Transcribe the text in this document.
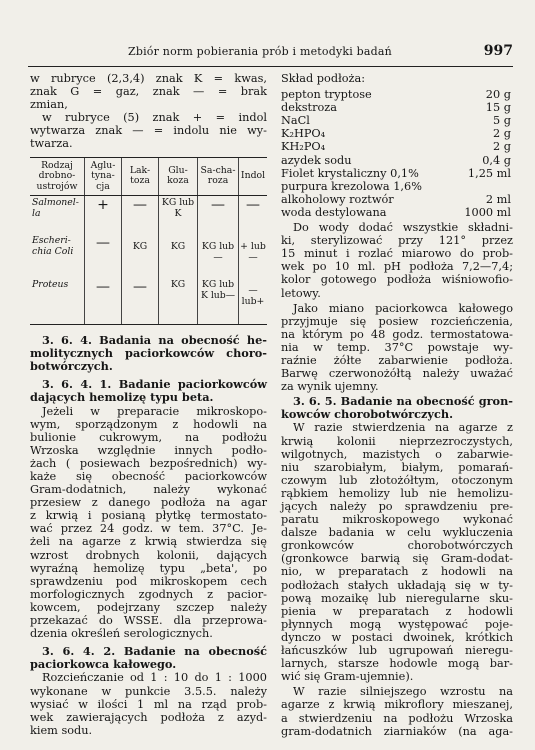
Zbiór norm pobierania prób i metodyki badań	997
w rubryce (2,3,4) znak K = kwas,
znak G = gaz, znak — = brak
zmian,
w rubryce (5) znak + = indol
wytwarza znak — = indolu nie wy-
twarza.
Rodzaj drobno-ustrojów	Aglu-tyna-cja	Lak-toza	Glu-koza	Sa-cha-roza	Indol
Salmonel-la	+	—	KG lub K	—	—
Escheri-chia Coli	—	KG	KG	KG lub—	+ lub—
Proteus	—	—	KG	KG lub K lub—	— lub+
3. 6. 4. Badania na obecność he-
molitycznych paciorkowców choro-
botwórczych.
3. 6. 4. 1. Badanie paciorkowców
dających hemolizę typu beta.
Jeżeli w preparacie mikroskopo-
wym, sporządzonym z hodowli na
bulionie cukrowym, na podłożu
Wrzoska względnie innych podło-
żach ( posiewach bezpośrednich) wy-
każe się obecność paciorkowców
Gram-dodatnich, należy wykonać
przesiew z danego podłoża na agar
z krwią i posianą płytkę termostato-
wać przez 24 godz. w tem. 37°C. Je-
żeli na agarze z krwią stwierdza się
wzrost drobnych kolonii, dających
wyraźną hemolizę typu „beta', po
sprawdzeniu pod mikroskopem cech
morfologicznych zgodnych z pacior-
kowcem, podejrzany szczep należy
przekazać do WSSE. dla przeprowa-
dzenia określeń serologicznych.
3. 6. 4. 2. Badanie na obecność
paciorkowca kałowego.
Rozcieńczanie od 1 : 10 do 1 : 1000
wykonane w punkcie 3.5.5. należy
wysiać w ilości 1 ml na rząd prob-
wek zawierających podłoża z azyd-
kiem sodu.
Skład podłoża:
pepton tryptose	20 g
dekstroza	15 g
NaCl	5 g
K₂HPO₄	2 g
KH₂PO₄	2 g
azydek sodu	0,4 g
Fiolet krystaliczny 0,1%	1,25 ml
purpura krezolowa 1,6%
alkoholowy roztwór	2 ml
woda destylowana	1000 ml
Do wody dodać wszystkie składni-
ki, sterylizować przy 121° przez
15 minut i rozlać miarowo do prob-
wek po 10 ml. pH podłoża 7,2—7,4;
kolor gotowego podłoża wiśniowofio-
letowy.
Jako miano paciorkowca kałowego
przyjmuje się posiew rozcieńczenia,
na którym po 48 godz. termostatowa-
nia w temp. 37°C powstaje wy-
raźnie żółte zabarwienie podłoża.
Barwę czerwonożółtą należy uważać
za wynik ujemny.
3. 6. 5. Badanie na obecność gron-
kowców chorobotwórczych.
W razie stwierdzenia na agarze z
krwią kolonii nieprzezroczystych,
wilgotnych, mazistych o zabarwie-
niu szarobiałym, białym, pomarań-
czowym lub złotożółtym, otoczonym
rąbkiem hemolizy lub nie hemolizu-
jących należy po sprawdzeniu pre-
paratu mikroskopowego wykonać
dalsze badania w celu wykluczenia
gronkowców chorobotwórczych
(gronkowce barwią się Gram-dodat-
nio, w preparatach z hodowli na
podłożach stałych układają się w ty-
pową mozaikę lub nieregularne sku-
pienia w preparatach z hodowli
płynnych mogą występować poje-
dynczo w postaci dwoinek, krótkich
łańcuszków lub ugrupowań nieregu-
larnych, starsze hodowle mogą bar-
wić się Gram-ujemnie).
W razie silniejszego wzrostu na
agarze z krwią mikroflory mieszanej,
a stwierdzeniu na podłożu Wrzoska
gram-dodatnich ziarniaków (na aga-
